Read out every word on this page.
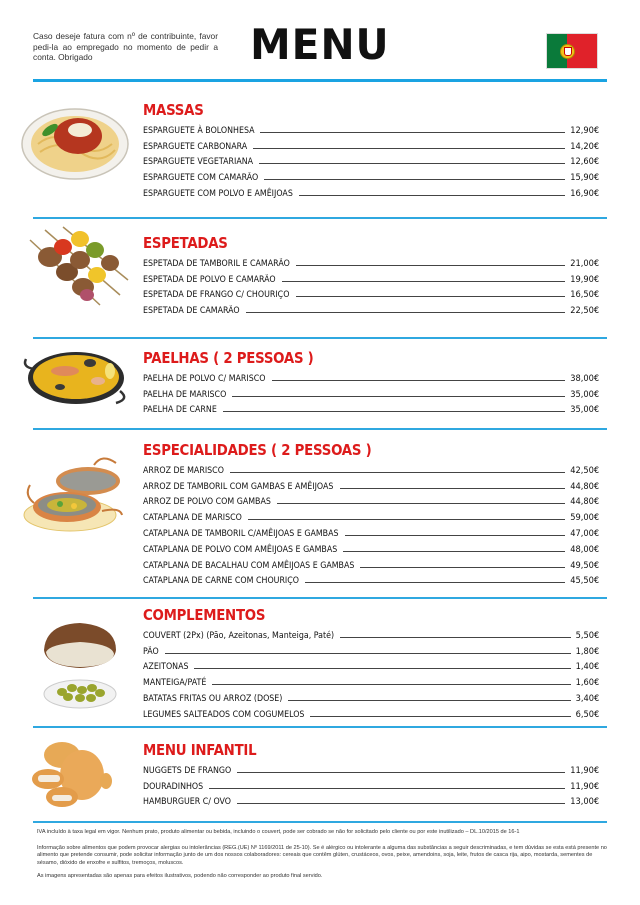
Caso deseje fatura com nº de contribuinte, favor pedi-la ao empregado no momento de pedir a conta. Obrigado	MENU
MASSAS
ESPARGUETE À BOLONHESA	12,90€
ESPARGUETE CARBONARA	14,20€
ESPARGUETE VEGETARIANA	12,60€
ESPARGUETE COM CAMARÃO	15,90€
ESPARGUETE COM POLVO E AMÊIJOAS	16,90€
ESPETADAS
ESPETADA DE TAMBORIL E CAMARÃO	21,00€
ESPETADA DE POLVO E CAMARÃO	19,90€
ESPETADA DE FRANGO C/ CHOURIÇO	16,50€
ESPETADA DE CAMARÃO	22,50€
PAELHAS ( 2 PESSOAS )
PAELHA DE POLVO C/ MARISCO	38,00€
PAELHA DE MARISCO	35,00€
PAELHA DE CARNE	35,00€
ESPECIALIDADES ( 2 PESSOAS )
ARROZ DE MARISCO	42,50€
ARROZ DE TAMBORIL COM GAMBAS E AMÊIJOAS	44,80€
ARROZ DE POLVO COM GAMBAS	44,80€
CATAPLANA DE MARISCO	59,00€
CATAPLANA DE TAMBORIL C/AMÊIJOAS E GAMBAS	47,00€
CATAPLANA DE POLVO COM AMÊIJOAS E GAMBAS	48,00€
CATAPLANA DE BACALHAU COM AMÊIJOAS E GAMBAS	49,50€
CATAPLANA DE CARNE COM CHOURIÇO	45,50€
COMPLEMENTOS
COUVERT (2Px) (Pão, Azeitonas, Manteiga, Paté)	5,50€
PÃO	1,80€
AZEITONAS	1,40€
MANTEIGA/PATÉ	1,60€
BATATAS FRITAS OU ARROZ (DOSE)	3,40€
LEGUMES SALTEADOS COM COGUMELOS	6,50€
MENU INFANTIL
NUGGETS DE FRANGO	11,90€
DOURADINHOS	11,90€
HAMBURGUER C/ OVO	13,00€
IVA incluído à taxa legal em vigor. Nenhum prato, produto alimentar ou bebida, incluindo o couvert, pode ser cobrado se não for solicitado pelo cliente ou por este inutilizado – DL.10/2015 de 16-1
Informação sobre alimentos que podem provocar alergias ou intolerâncias (REG.(UE) Nº 1169/2011 de 25-10). Se é alérgico ou intolerante a alguma das substâncias a seguir descriminadas, e tem dúvidas se esta está presente no alimento que pretende consumir, pode solicitar informação junto de um dos nossos colaboradores: cereais que contêm glúten, crustáceos, ovos, peixe, amendoins, soja, leite, frutos de casca rija, aipo, mostarda, sementes de sésamo, dióxido de enxofre e sulfitos, tremoços, moluscos.
As imagens apresentadas são apenas para efeitos ilustrativos, podendo não corresponder ao produto final servido.
